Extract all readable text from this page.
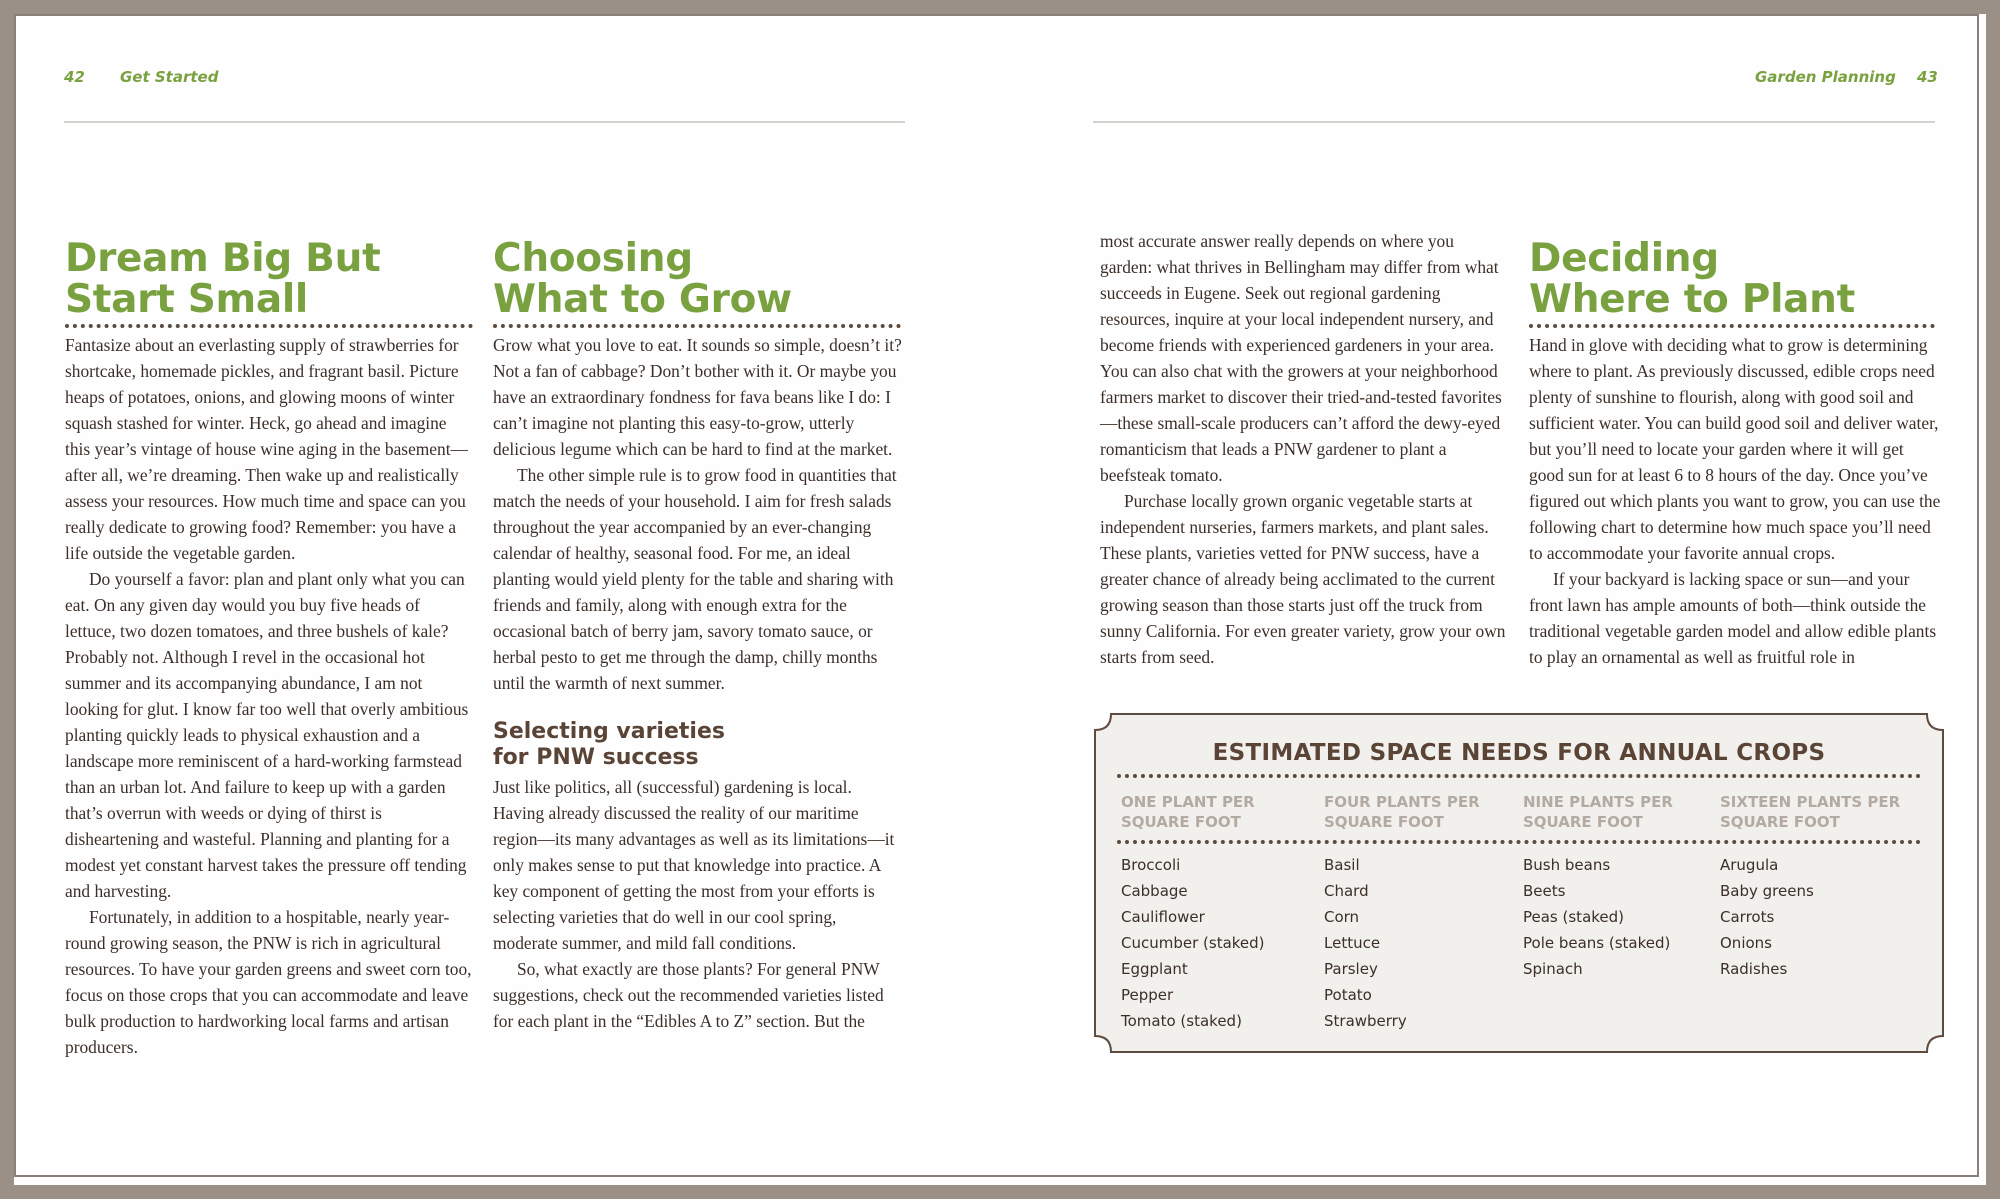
42 Get Started	Garden Planning 43
Dream Big But
Start Small

Fantasize about an everlasting supply of strawberries for shortcake, homemade pickles, and fragrant basil. Picture heaps of potatoes, onions, and glowing moons of winter squash stashed for winter. Heck, go ahead and imagine this year’s vintage of house wine aging in the basement—after all, we’re dreaming. Then wake up and realistically assess your resources. How much time and space can you really dedicate to growing food? Remember: you have a life outside the vegetable garden.

Do yourself a favor: plan and plant only what you can eat. On any given day would you buy five heads of lettuce, two dozen tomatoes, and three bushels of kale? Probably not. Although I revel in the occasional hot summer and its accompanying abundance, I am not looking for glut. I know far too well that overly ambitious planting quickly leads to physical exhaustion and a landscape more reminiscent of a hard-working farmstead than an urban lot. And failure to keep up with a garden that’s overrun with weeds or dying of thirst is disheartening and wasteful. Planning and planting for a modest yet constant harvest takes the pressure off tending and harvesting.

Fortunately, in addition to a hospitable, nearly year-round growing season, the PNW is rich in agricultural resources. To have your garden greens and sweet corn too, focus on those crops that you can accommodate and leave bulk production to hardworking local farms and artisan producers.

Choosing
What to Grow

Grow what you love to eat. It sounds so simple, doesn’t it? Not a fan of cabbage? Don’t bother with it. Or maybe you have an extraordinary fondness for fava beans like I do: I can’t imagine not planting this easy-to-grow, utterly delicious legume which can be hard to find at the market.

The other simple rule is to grow food in quantities that match the needs of your household. I aim for fresh salads throughout the year accompanied by an ever-changing calendar of healthy, seasonal food. For me, an ideal planting would yield plenty for the table and sharing with friends and family, along with enough extra for the occasional batch of berry jam, savory tomato sauce, or herbal pesto to get me through the damp, chilly months until the warmth of next summer.

Selecting varieties
for PNW success

Just like politics, all (successful) gardening is local. Having already discussed the reality of our maritime region—its many advantages as well as its limitations—it only makes sense to put that knowledge into practice. A key component of getting the most from your efforts is selecting varieties that do well in our cool spring, moderate summer, and mild fall conditions.

So, what exactly are those plants? For general PNW suggestions, check out the recommended varieties listed for each plant in the “Edibles A to Z” section. But the

most accurate answer really depends on where you garden: what thrives in Bellingham may differ from what succeeds in Eugene. Seek out regional gardening resources, inquire at your local independent nursery, and become friends with experienced gardeners in your area. You can also chat with the growers at your neighborhood farmers market to discover their tried-and-tested favorites—these small-scale producers can’t afford the dewy-eyed romanticism that leads a PNW gardener to plant a beefsteak tomato.

Purchase locally grown organic vegetable starts at independent nurseries, farmers markets, and plant sales. These plants, varieties vetted for PNW success, have a greater chance of already being acclimated to the current growing season than those starts just off the truck from sunny California. For even greater variety, grow your own starts from seed.

Deciding
Where to Plant

Hand in glove with deciding what to grow is determining where to plant. As previously discussed, edible crops need plenty of sunshine to flourish, along with good soil and sufficient water. You can build good soil and deliver water, but you’ll need to locate your garden where it will get good sun for at least 6 to 8 hours of the day. Once you’ve figured out which plants you want to grow, you can use the following chart to determine how much space you’ll need to accommodate your favorite annual crops.

If your backyard is lacking space or sun—and your front lawn has ample amounts of both—think outside the traditional vegetable garden model and allow edible plants to play an ornamental as well as fruitful role in

ESTIMATED SPACE NEEDS FOR ANNUAL CROPS
ONE PLANT PER
SQUARE FOOT
FOUR PLANTS PER
SQUARE FOOT
NINE PLANTS PER
SQUARE FOOT
SIXTEEN PLANTS PER
SQUARE FOOT
Broccoli
Cabbage
Cauliflower
Cucumber (staked)
Eggplant
Pepper
Tomato (staked)
Basil
Chard
Corn
Lettuce
Parsley
Potato
Strawberry
Bush beans
Beets
Peas (staked)
Pole beans (staked)
Spinach
Arugula
Baby greens
Carrots
Onions
Radishes
